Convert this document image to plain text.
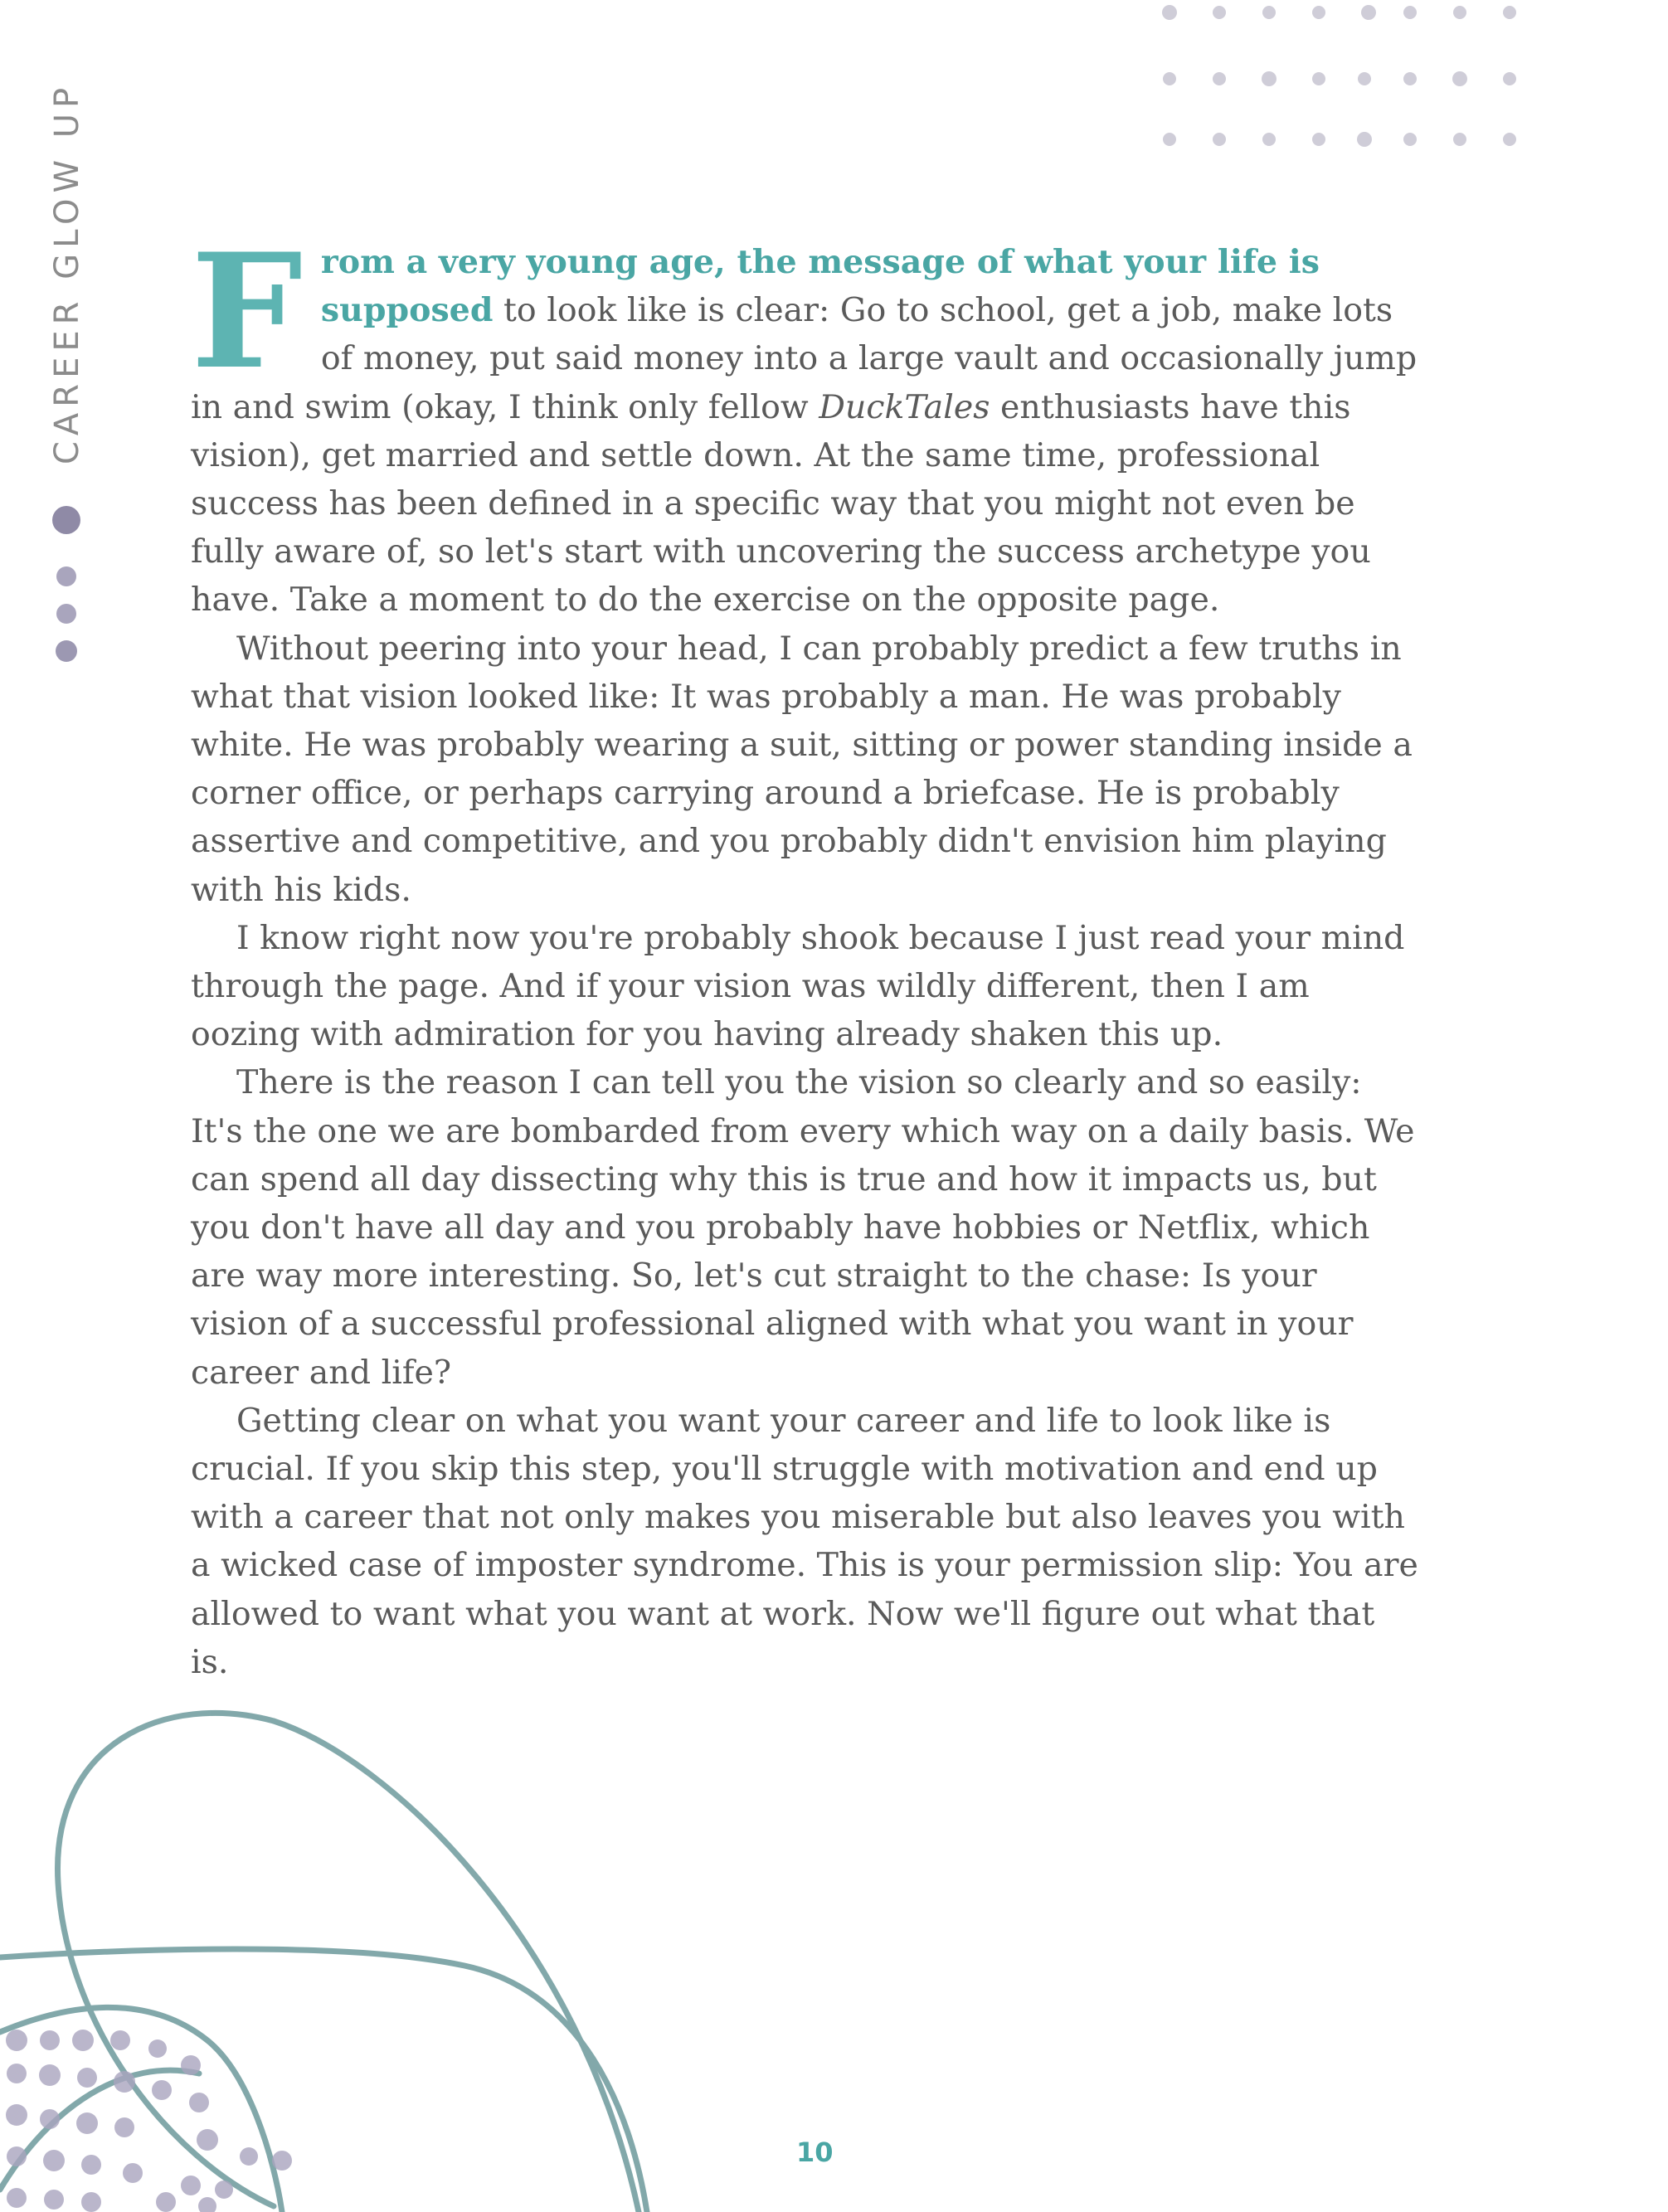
CAREER GLOW UP From a very young age, the message of what your life is supposed to look like is clear: Go to school, get a job, make lots of money, put said money into a large vault and occasionally jump in and swim (okay, I think only fellow DuckTales enthusiasts have this vision), get married and settle down. At the same time, professional success has been defined in a specific way that you might not even be fully aware of, so let's start with uncovering the success archetype you have. Take a moment to do the exercise on the opposite page.

Without peering into your head, I can probably predict a few truths in what that vision looked like: It was probably a man. He was probably white. He was probably wearing a suit, sitting or power standing inside a corner office, or perhaps carrying around a briefcase. He is probably assertive and competitive, and you probably didn't envision him playing with his kids.

I know right now you're probably shook because I just read your mind through the page. And if your vision was wildly different, then I am oozing with admiration for you having already shaken this up.

There is the reason I can tell you the vision so clearly and so easily: It's the one we are bombarded from every which way on a daily basis. We can spend all day dissecting why this is true and how it impacts us, but you don't have all day and you probably have hobbies or Netflix, which are way more interesting. So, let's cut straight to the chase: Is your vision of a successful professional aligned with what you want in your career and life?

Getting clear on what you want your career and life to look like is crucial. If you skip this step, you'll struggle with motivation and end up with a career that not only makes you miserable but also leaves you with a wicked case of imposter syndrome. This is your permission slip: You are allowed to want what you want at work. Now we'll figure out what that is.

10
